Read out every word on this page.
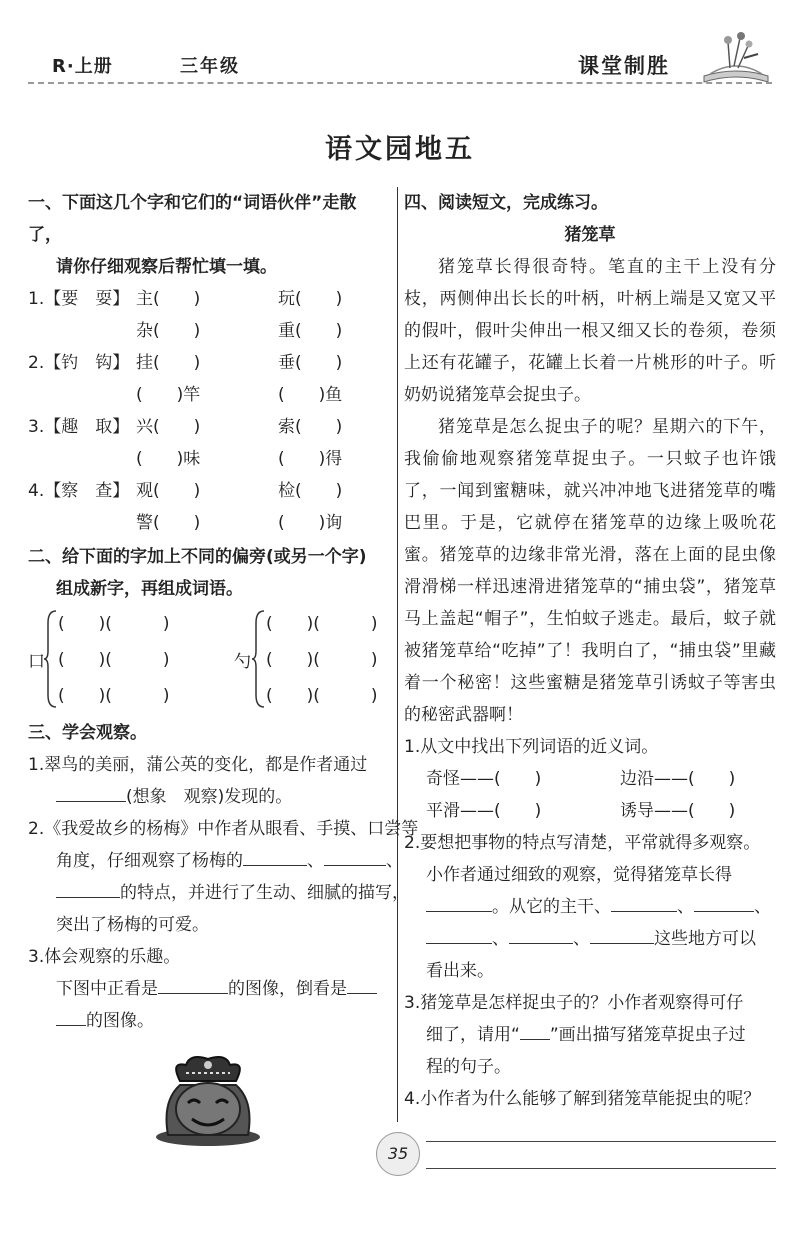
R·上册	三年级	课堂制胜
语文园地五
一、下面这几个字和它们的“词语伙伴”走散了，
请你仔细观察后帮忙填一填。
1.【要　耍】 主(　　)	玩(　　)
杂(　　)	重(　　)
2.【钓　钩】 挂(　　)	垂(　　)
(　　)竿	(　　)鱼
3.【趣　取】 兴(　　)	索(　　)
(　　)味	(　　)得
4.【察　查】 观(　　)	检(　　)
警(　　)	(　　)询
二、给下面的字加上不同的偏旁(或另一个字)
组成新字，再组成词语。
口
(　　)(　　　)
(　　)(　　　)
(　　)(　　　)
勺
(　　)(　　　)
(　　)(　　　)
(　　)(　　　)
三、学会观察。
1.翠鸟的美丽，蒲公英的变化，都是作者通过
(想象　观察)发现的。
2.《我爱故乡的杨梅》中作者从眼看、手摸、口尝等
角度，仔细观察了杨梅的	、	、
的特点，并进行了生动、细腻的描写，
突出了杨梅的可爱。
3.体会观察的乐趣。
下图中正看是	的图像，倒看是
的图像。
四、阅读短文，完成练习。
猪笼草

猪笼草长得很奇特。笔直的主干上没有分枝，两侧伸出长长的叶柄，叶柄上端是又宽又平的假叶，假叶尖伸出一根又细又长的卷须，卷须上还有花罐子，花罐上长着一片桃形的叶子。听奶奶说猪笼草会捉虫子。

猪笼草是怎么捉虫子的呢？星期六的下午，我偷偷地观察猪笼草捉虫子。一只蚊子也许饿了，一闻到蜜糖味，就兴冲冲地飞进猪笼草的嘴巴里。于是，它就停在猪笼草的边缘上吸吮花蜜。猪笼草的边缘非常光滑，落在上面的昆虫像滑滑梯一样迅速滑进猪笼草的“捕虫袋”，猪笼草马上盖起“帽子”，生怕蚊子逃走。最后，蚊子就被猪笼草给“吃掉”了！我明白了，“捕虫袋”里藏着一个秘密！这些蜜糖是猪笼草引诱蚊子等害虫的秘密武器啊！

1.从文中找出下列词语的近义词。
奇怪——(　　)	边沿——(　　)
平滑——(　　)	诱导——(　　)
2.要想把事物的特点写清楚，平常就得多观察。
小作者通过细致的观察，觉得猪笼草长得
。从它的主干、	、	、
、	、	这些地方可以
看出来。
3.猪笼草是怎样捉虫子的？小作者观察得可仔
细了，请用“ ”画出描写猪笼草捉虫子过
程的句子。
4.小作者为什么能够了解到猪笼草能捉虫的呢？
35
